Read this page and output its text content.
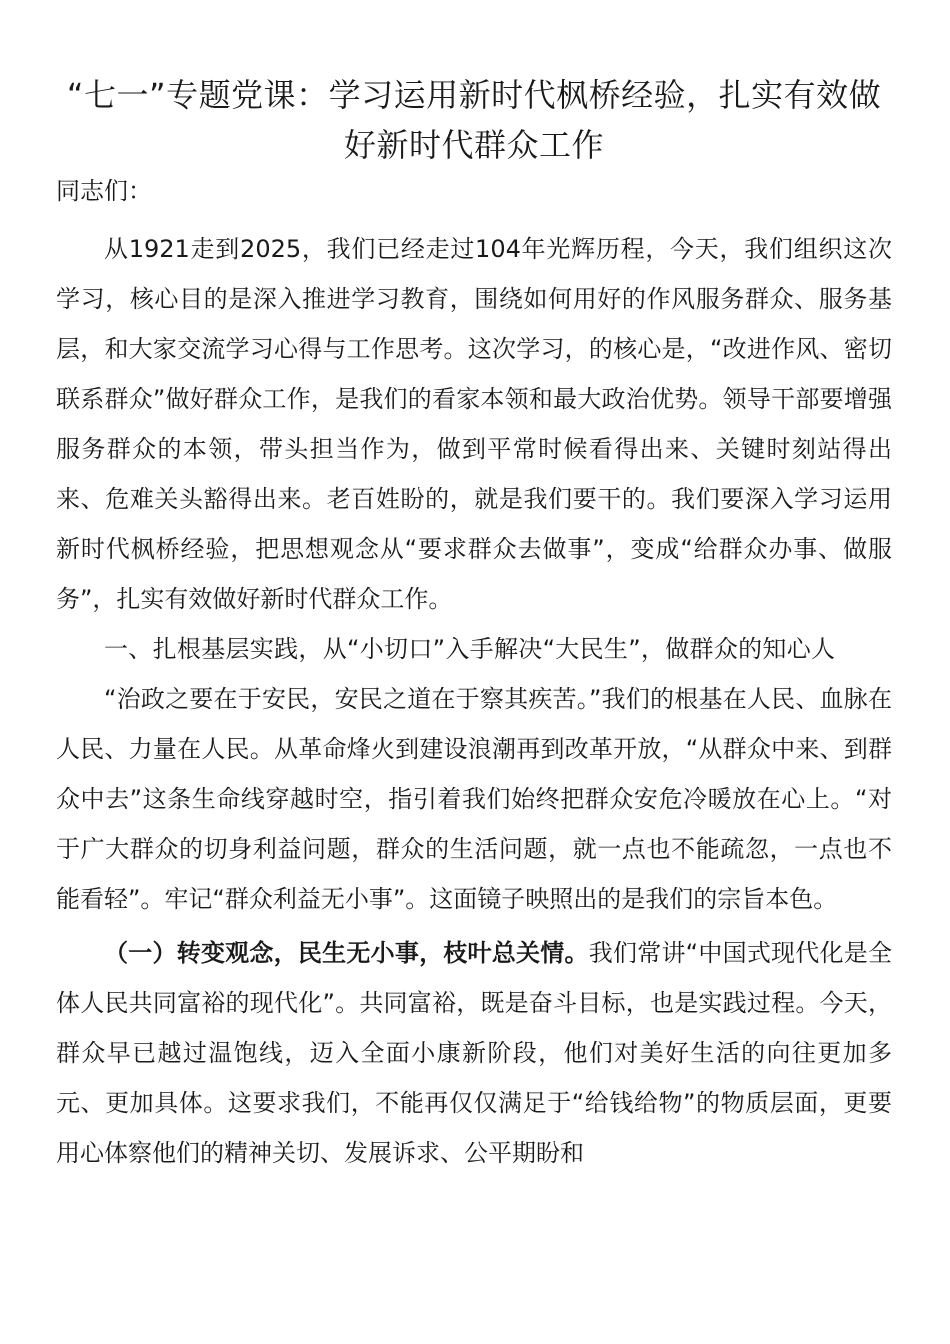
“七一”专题党课：学习运用新时代枫桥经验，扎实有效做好新时代群众工作
同志们：

从1921走到2025，我们已经走过104年光辉历程，今天，我们组织这次学习，核心目的是深入推进学习教育，围绕如何用好的作风服务群众、服务基层，和大家交流学习心得与工作思考。这次学习，的核心是，“改进作风、密切联系群众”做好群众工作，是我们的看家本领和最大政治优势。领导干部要增强服务群众的本领，带头担当作为，做到平常时候看得出来、关键时刻站得出来、危难关头豁得出来。老百姓盼的，就是我们要干的。我们要深入学习运用新时代枫桥经验，把思想观念从“要求群众去做事”，变成“给群众办事、做服务”，扎实有效做好新时代群众工作。

一、扎根基层实践，从“小切口”入手解决“大民生”，做群众的知心人

“治政之要在于安民，安民之道在于察其疾苦。”我们的根基在人民、血脉在人民、力量在人民。从革命烽火到建设浪潮再到改革开放，“从群众中来、到群众中去”这条生命线穿越时空，指引着我们始终把群众安危冷暖放在心上。“对于广大群众的切身利益问题，群众的生活问题，就一点也不能疏忽，一点也不能看轻”。牢记“群众利益无小事”。这面镜子映照出的是我们的宗旨本色。

（一）转变观念，民生无小事，枝叶总关情。我们常讲“中国式现代化是全体人民共同富裕的现代化”。共同富裕，既是奋斗目标，也是实践过程。今天，群众早已越过温饱线，迈入全面小康新阶段，他们对美好生活的向往更加多元、更加具体。这要求我们，不能再仅仅满足于“给钱给物”的物质层面，更要用心体察他们的精神关切、发展诉求、公平期盼和
